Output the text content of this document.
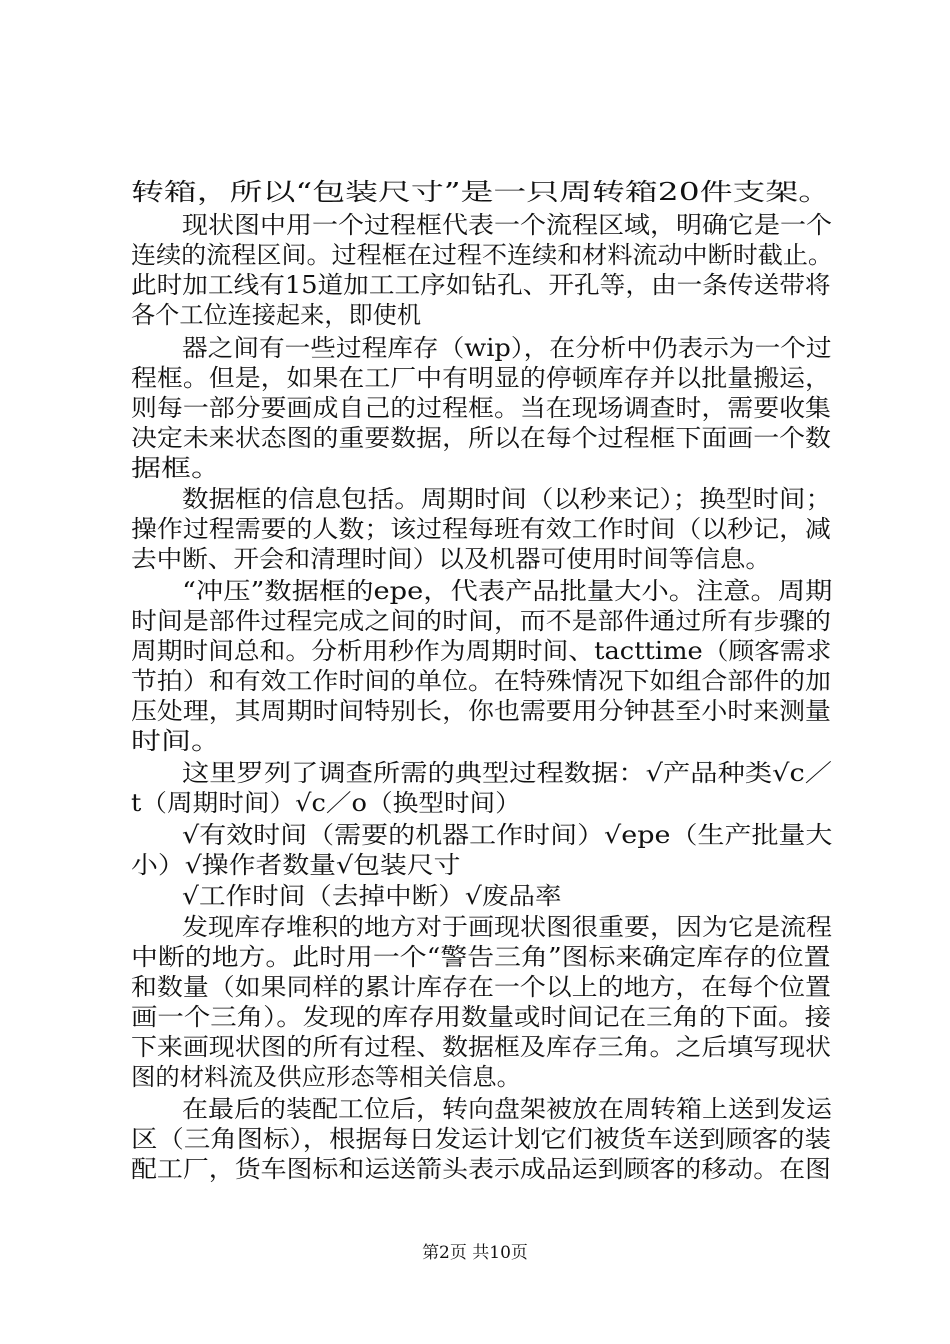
转箱，所以“包装尺寸”是一只周转箱20件支架。
现状图中用一个过程框代表一个流程区域，明确它是一个
连续的流程区间。过程框在过程不连续和材料流动中断时截止。
此时加工线有15道加工工序如钻孔、开孔等，由一条传送带将
各个工位连接起来，即使机
器之间有一些过程库存（wip），在分析中仍表示为一个过
程框。但是，如果在工厂中有明显的停顿库存并以批量搬运，
则每一部分要画成自己的过程框。当在现场调查时，需要收集
决定未来状态图的重要数据，所以在每个过程框下面画一个数
据框。
数据框的信息包括。周期时间（以秒来记）；换型时间；
操作过程需要的人数；该过程每班有效工作时间（以秒记，减
去中断、开会和清理时间）以及机器可使用时间等信息。
“冲压”数据框的epe，代表产品批量大小。注意。周期
时间是部件过程完成之间的时间，而不是部件通过所有步骤的
周期时间总和。分析用秒作为周期时间、tacttime（顾客需求
节拍）和有效工作时间的单位。在特殊情况下如组合部件的加
压处理，其周期时间特别长，你也需要用分钟甚至小时来测量
时间。
这里罗列了调查所需的典型过程数据：√产品种类√c／
t（周期时间）√c／o（换型时间）
√有效时间（需要的机器工作时间）√epe（生产批量大
小）√操作者数量√包装尺寸
√工作时间（去掉中断）√废品率
发现库存堆积的地方对于画现状图很重要，因为它是流程
中断的地方。此时用一个“警告三角”图标来确定库存的位置
和数量（如果同样的累计库存在一个以上的地方，在每个位置
画一个三角）。发现的库存用数量或时间记在三角的下面。接
下来画现状图的所有过程、数据框及库存三角。之后填写现状
图的材料流及供应形态等相关信息。
在最后的装配工位后，转向盘架被放在周转箱上送到发运
区（三角图标），根据每日发运计划它们被货车送到顾客的装
配工厂，货车图标和运送箭头表示成品运到顾客的移动。在图
第2页 共10页
